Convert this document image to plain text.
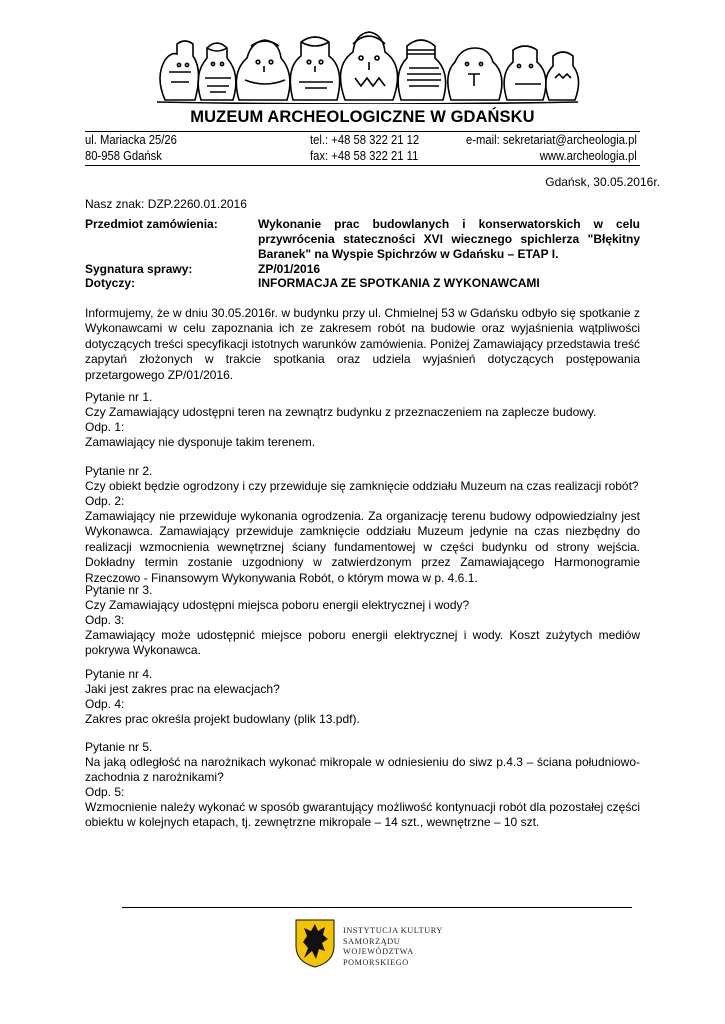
MUZEUM ARCHEOLOGICZNE W GDAŃSKU
ul. Mariacka 25/26
80-958 Gdańsk
tel.: +48 58 322 21 12
fax: +48 58 322 21 11
e-mail: sekretariat@archeologia.pl
www.archeologia.pl
Gdańsk, 30.05.2016r.
Nasz znak: DZP.2260.01.2016
Przedmiot zamówienia:	Wykonanie prac budowlanych i konserwatorskich w celu przywrócenia stateczności XVI wiecznego spichlerza "Błękitny Baranek" na Wyspie Spichrzów w Gdańsku – ETAP I.
Sygnatura sprawy:	ZP/01/2016
Dotyczy:	INFORMACJA ZE SPOTKANIA Z WYKONAWCAMI
Informujemy, że w dniu 30.05.2016r. w budynku przy ul. Chmielnej 53 w Gdańsku odbyło się spotkanie z Wykonawcami w celu zapoznania ich ze zakresem robót na budowie oraz wyjaśnienia wątpliwości dotyczących treści specyfikacji istotnych warunków zamówienia. Poniżej Zamawiający przedstawia treść zapytań złożonych w trakcie spotkania oraz udziela wyjaśnień dotyczących postępowania przetargowego ZP/01/2016.
Pytanie nr 1.
Czy Zamawiający udostępni teren na zewnątrz budynku z przeznaczeniem na zaplecze budowy.
Odp. 1:
Zamawiający nie dysponuje takim terenem.
Pytanie nr 2.
Czy obiekt będzie ogrodzony i czy przewiduje się zamknięcie oddziału Muzeum na czas realizacji robót?
Odp. 2:
Zamawiający nie przewiduje wykonania ogrodzenia. Za organizację terenu budowy odpowiedzialny jest Wykonawca. Zamawiający przewiduje zamknięcie oddziału Muzeum jedynie na czas niezbędny do realizacji wzmocnienia wewnętrznej ściany fundamentowej w części budynku od strony wejścia. Dokładny termin zostanie uzgodniony w zatwierdzonym przez Zamawiającego Harmonogramie Rzeczowo - Finansowym Wykonywania Robót, o którym mowa w p. 4.6.1.
Pytanie nr 3.
Czy Zamawiający udostępni miejsca poboru energii elektrycznej i wody?
Odp. 3:
Zamawiający może udostępnić miejsce poboru energii elektrycznej i wody. Koszt zużytych mediów pokrywa Wykonawca.
Pytanie nr 4.
Jaki jest zakres prac na elewacjach?
Odp. 4:
Zakres prac określa projekt budowlany (plik 13.pdf).
Pytanie nr 5.
Na jaką odległość na narożnikach wykonać mikropale w odniesieniu do siwz p.4.3 – ściana południowo-zachodnia z narożnikami?
Odp. 5:
Wzmocnienie należy wykonać w sposób gwarantujący możliwość kontynuacji robót dla pozostałej części obiektu w kolejnych etapach, tj. zewnętrzne mikropale – 14 szt., wewnętrzne – 10 szt.
INSTYTUCJA KULTURY
SAMORZĄDU
WOJEWÓDZTWA
POMORSKIEGO
